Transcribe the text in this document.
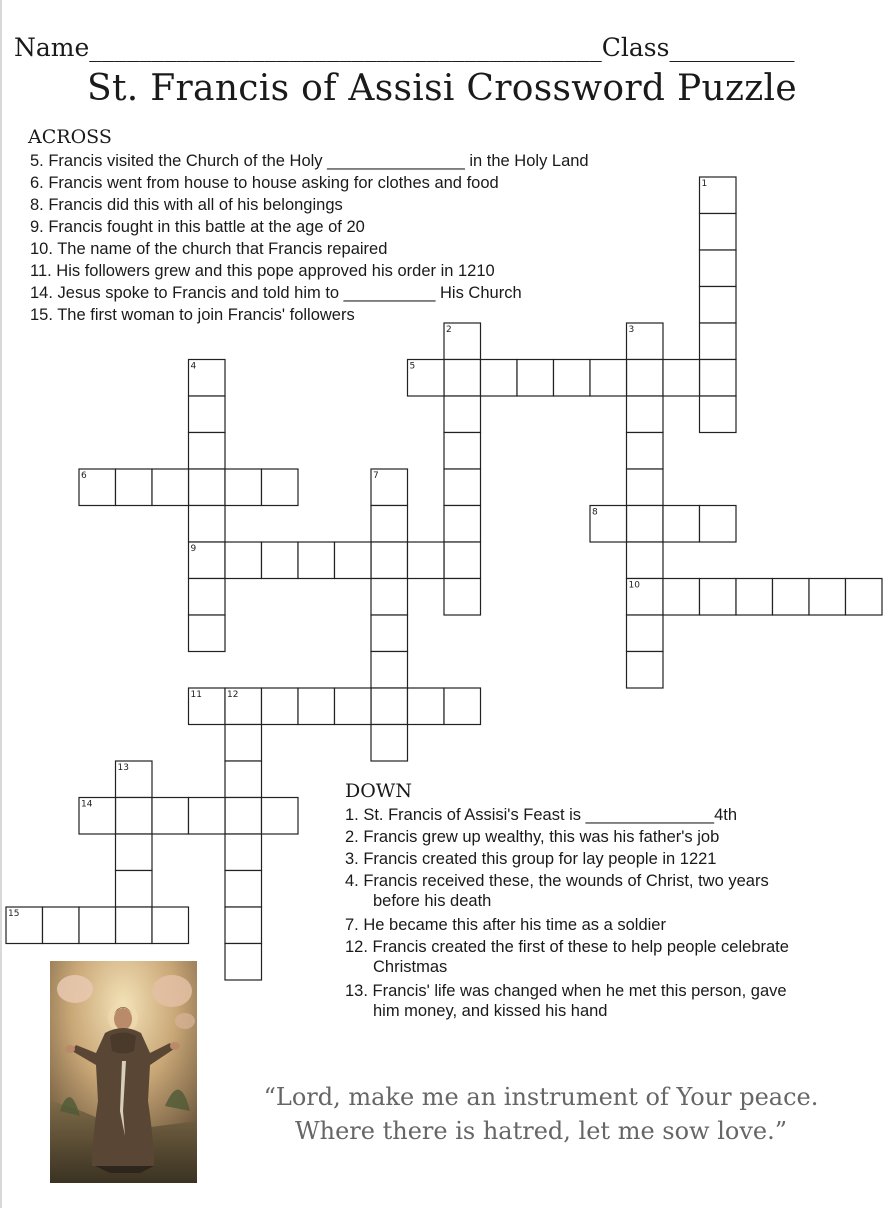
Name_________________________________________Class__________
St. Francis of Assisi Crossword Puzzle
ACROSS
5. Francis visited the Church of the Holy _______________ in the Holy Land
6. Francis went from house to house asking for clothes and food
8. Francis did this with all of his belongings
9. Francis fought in this battle at the age of 20
10. The name of the church that Francis repaired
11. His followers grew and this pope approved his order in 1210
14. Jesus spoke to Francis and told him to __________ His Church
15. The first woman to join Francis' followers
DOWN
1. St. Francis of Assisi's Feast is ______________4th
2. Francis grew up wealthy, this was his father's job
3. Francis created this group for lay people in 1221
4. Francis received these, the wounds of Christ, two years
before his death
7. He became this after his time as a soldier
12. Francis created the first of these to help people celebrate
Christmas
13. Francis' life was changed when he met this person, gave
him money, and kissed his hand
1
2	3
10
4
9
5
6	7
8
11	12
13
14
15
“Lord, make me an instrument of Your peace.
Where there is hatred, let me sow love.”
